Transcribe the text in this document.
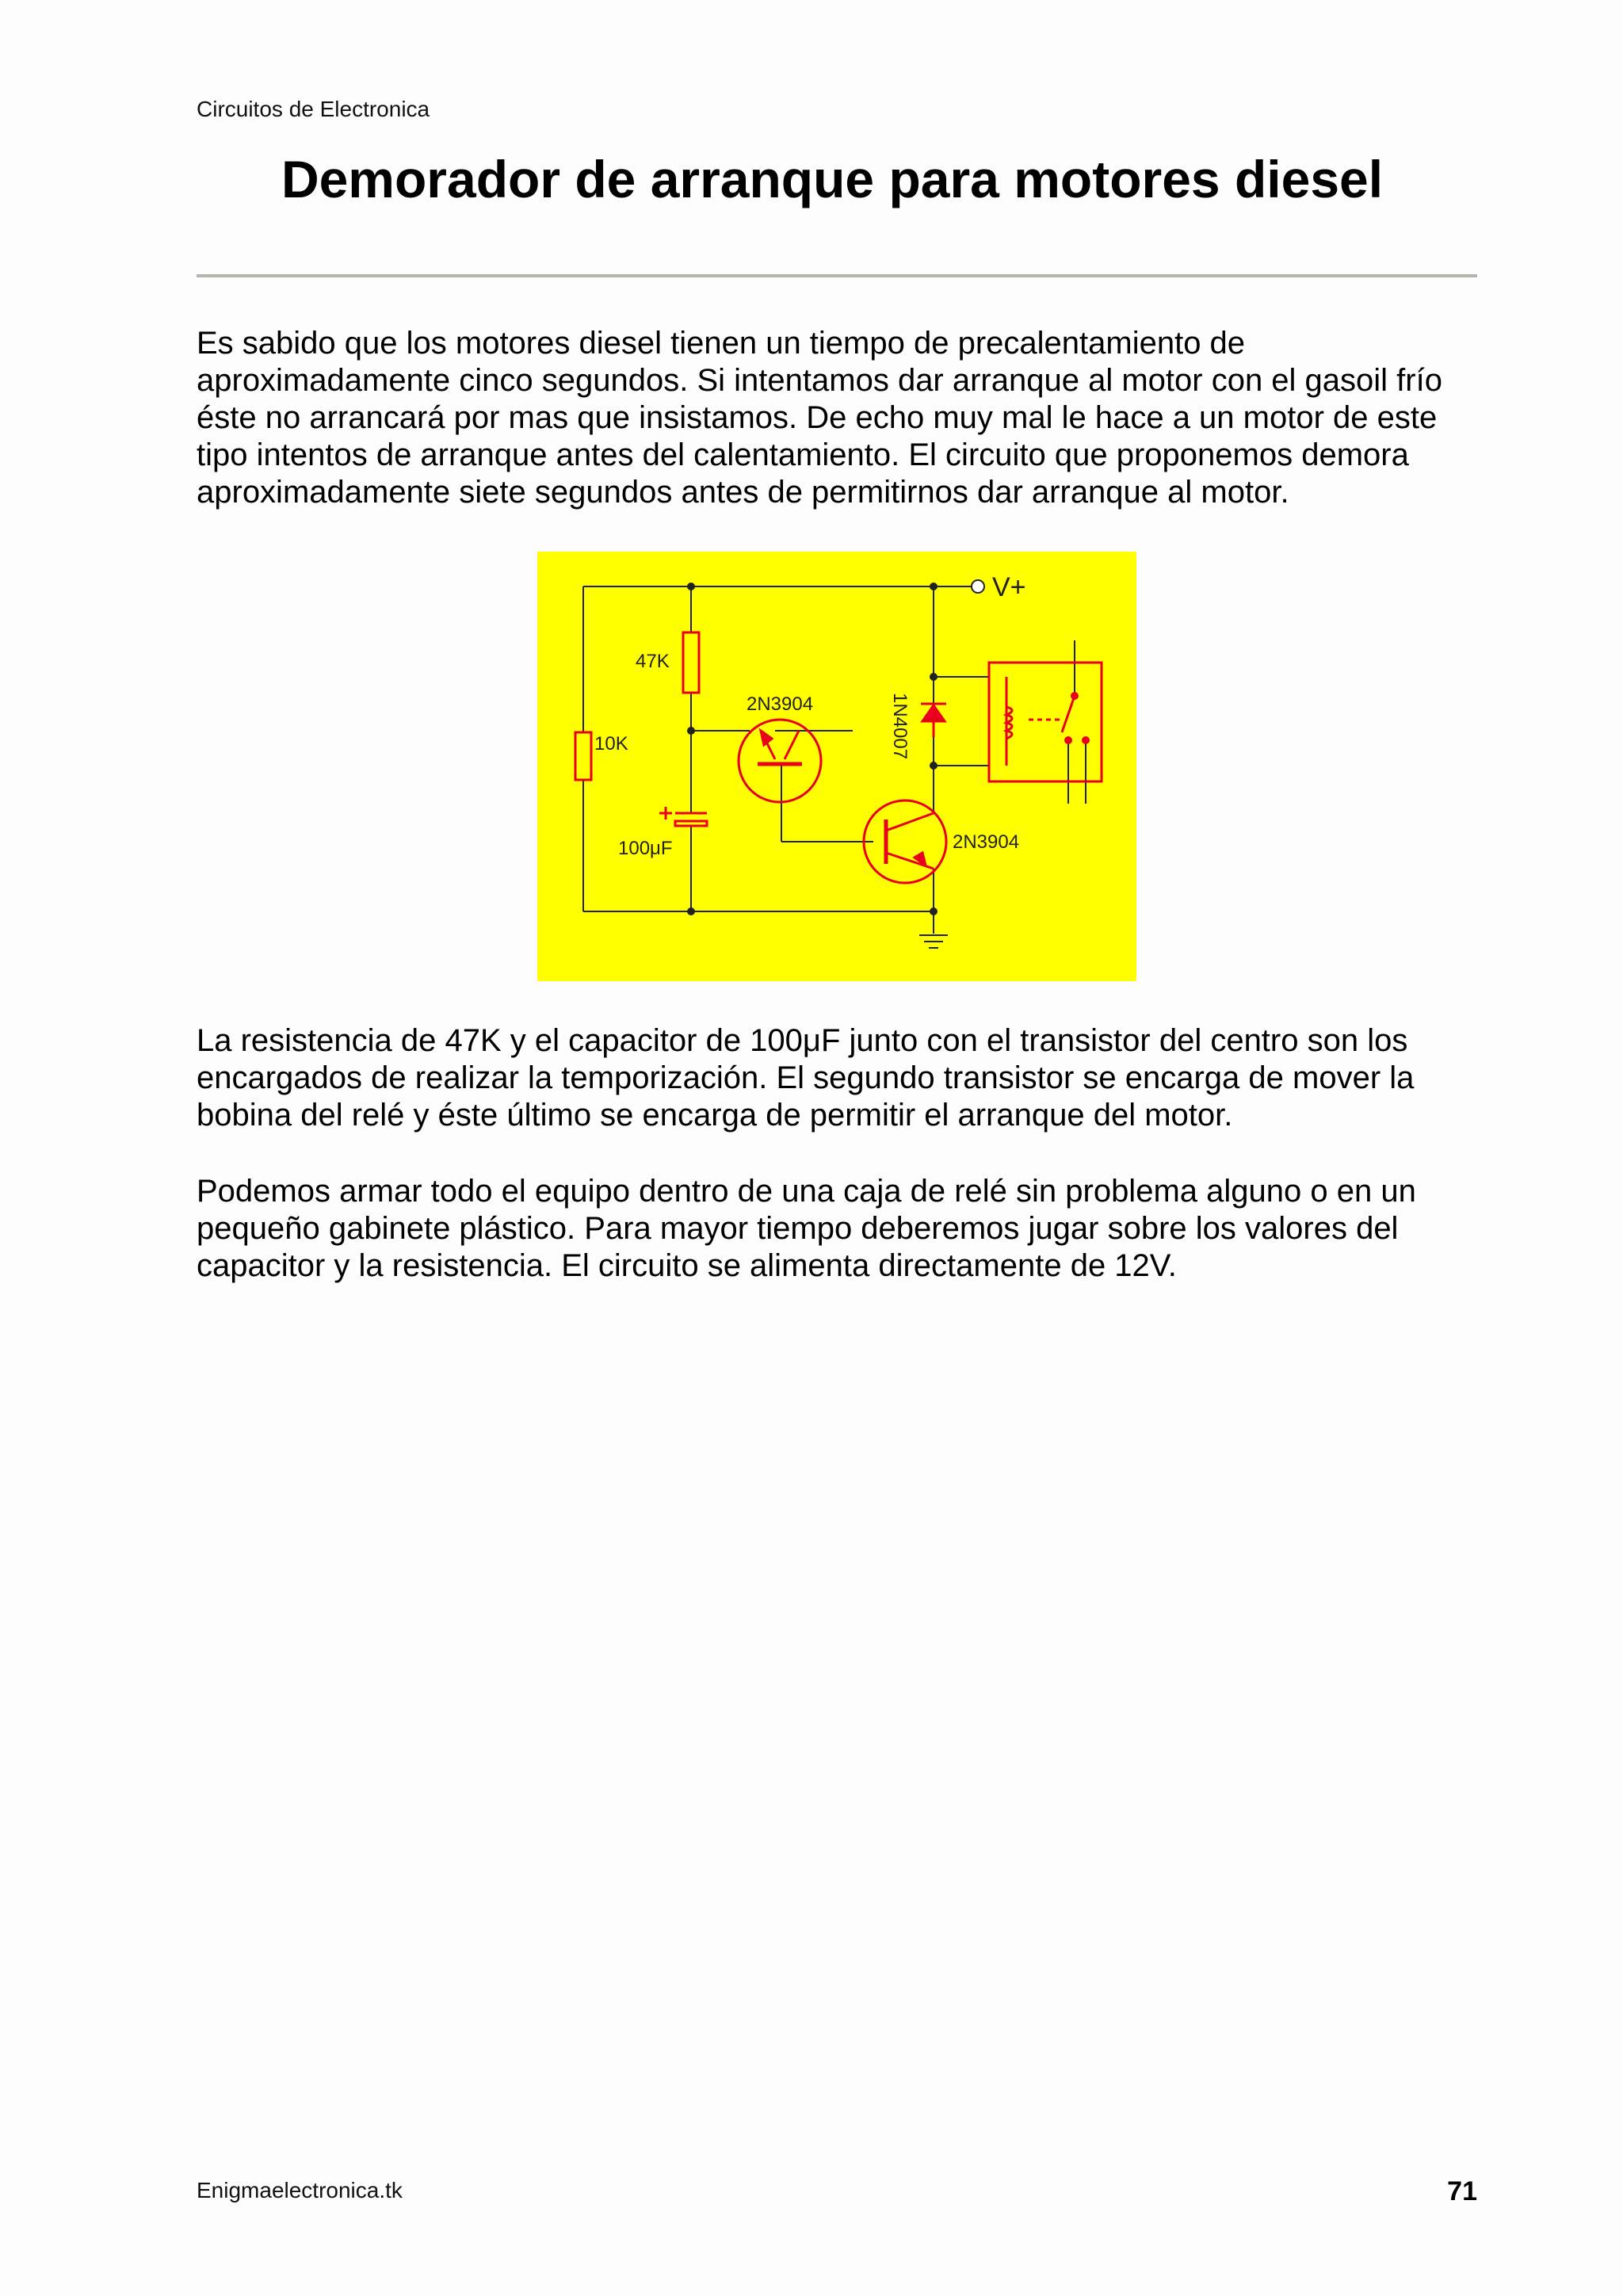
Circuitos de Electronica
Demorador de arranque para motores diesel

Es sabido que los motores diesel tienen un tiempo de precalentamiento de aproximadamente cinco segundos. Si intentamos dar arranque al motor con el gasoil frío éste no arrancará por mas que insistamos. De echo muy mal le hace a un motor de este tipo intentos de arranque antes del calentamiento. El circuito que proponemos demora aproximadamente siete segundos antes de permitirnos dar arranque al motor.

V+
47K
10K
100μF
2N3904
2N3904
1N4007

La resistencia de 47K y el capacitor de 100μF junto con el transistor del centro son los encargados de realizar la temporización. El segundo transistor se encarga de mover la bobina del relé y éste último se encarga de permitir el arranque del motor.

Podemos armar todo el equipo dentro de una caja de relé sin problema alguno o en un pequeño gabinete plástico. Para mayor tiempo deberemos jugar sobre los valores del capacitor y la resistencia. El circuito se alimenta directamente de 12V.

Enigmaelectronica.tk	71
